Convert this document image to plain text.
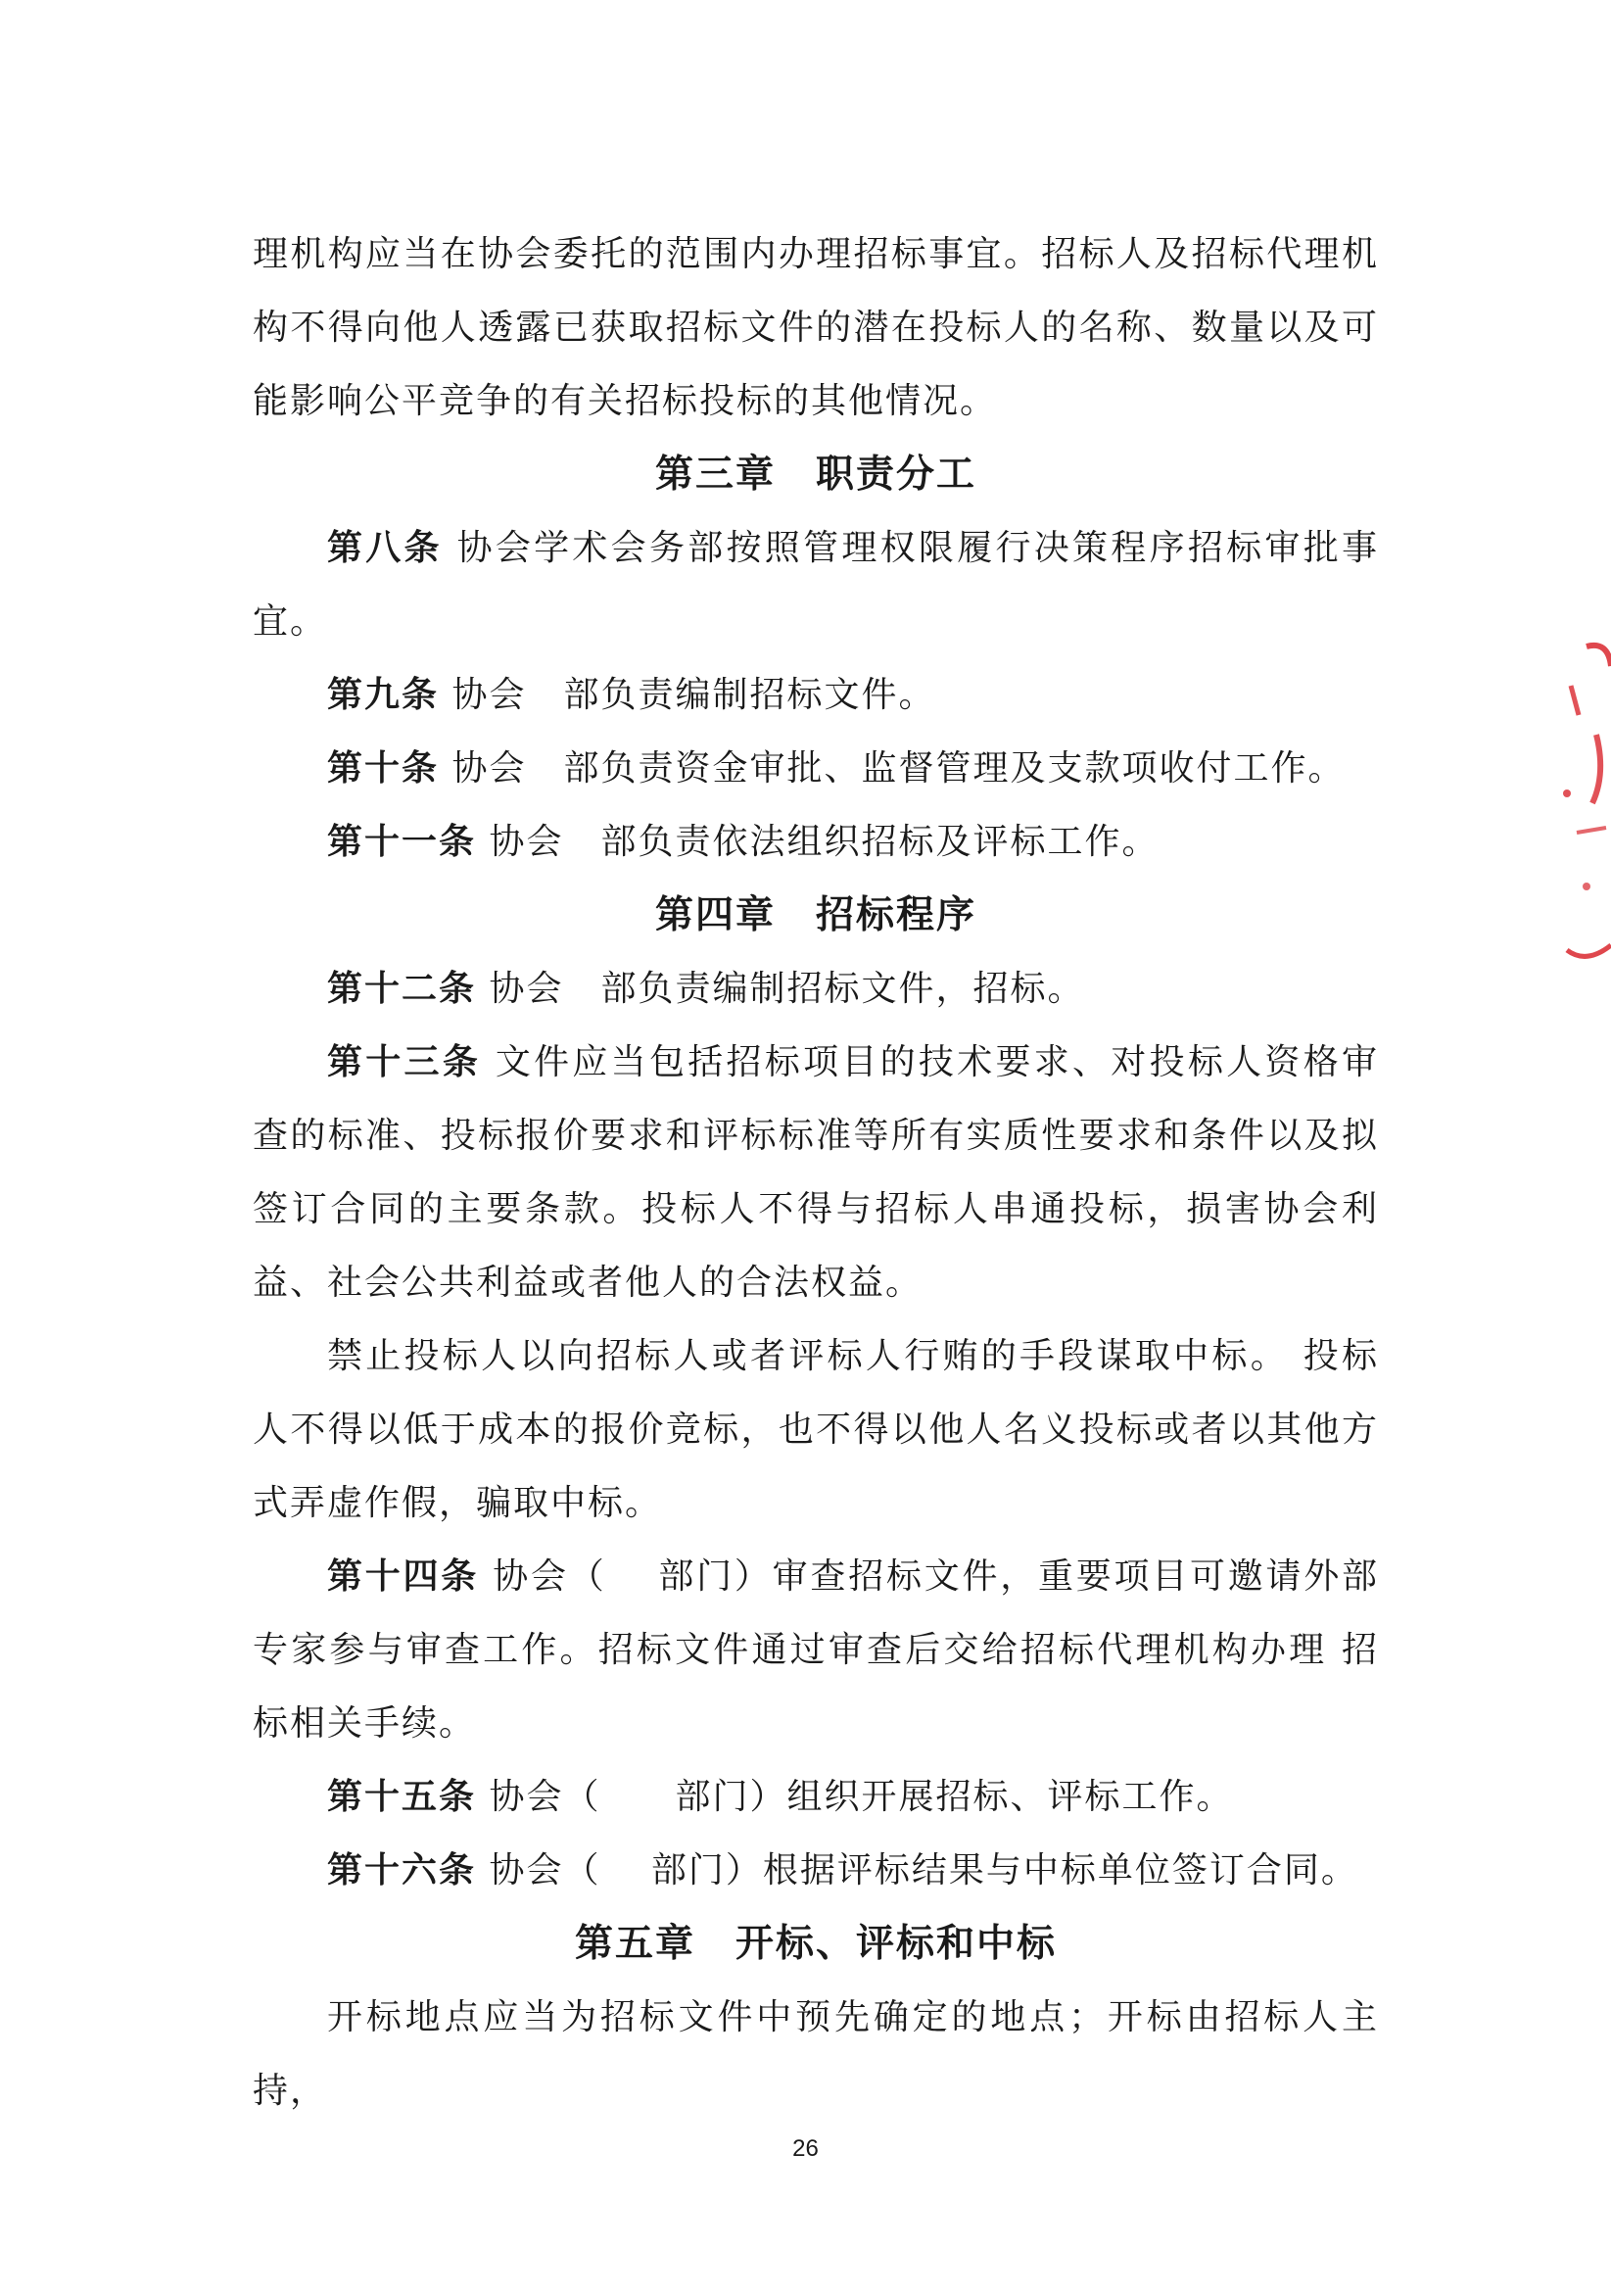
理机构应当在协会委托的范围内办理招标事宜。招标人及招标代理机构不得向他人透露已获取招标文件的潜在投标人的名称、数量以及可能影响公平竞争的有关招标投标的其他情况。

第三章　职责分工

第八条 协会学术会务部按照管理权限履行决策程序招标审批事宜。

第九条 协会　部负责编制招标文件。

第十条 协会　部负责资金审批、监督管理及支款项收付工作。

第十一条 协会　部负责依法组织招标及评标工作。

第四章　招标程序

第十二条 协会　部负责编制招标文件，招标。

第十三条 文件应当包括招标项目的技术要求、对投标人资格审查的标准、投标报价要求和评标标准等所有实质性要求和条件以及拟签订合同的主要条款。投标人不得与招标人串通投标，损害协会利益、社会公共利益或者他人的合法权益。

禁止投标人以向招标人或者评标人行贿的手段谋取中标。 投标人不得以低于成本的报价竞标，也不得以他人名义投标或者以其他方式弄虚作假，骗取中标。

第十四条 协会（　 部门）审查招标文件，重要项目可邀请外部专家参与审查工作。招标文件通过审查后交给招标代理机构办理 招标相关手续。

第十五条 协会（　　部门）组织开展招标、评标工作。

第十六条 协会（　 部门）根据评标结果与中标单位签订合同。

第五章　开标、评标和中标

开标地点应当为招标文件中预先确定的地点；开标由招标人主持，

26
